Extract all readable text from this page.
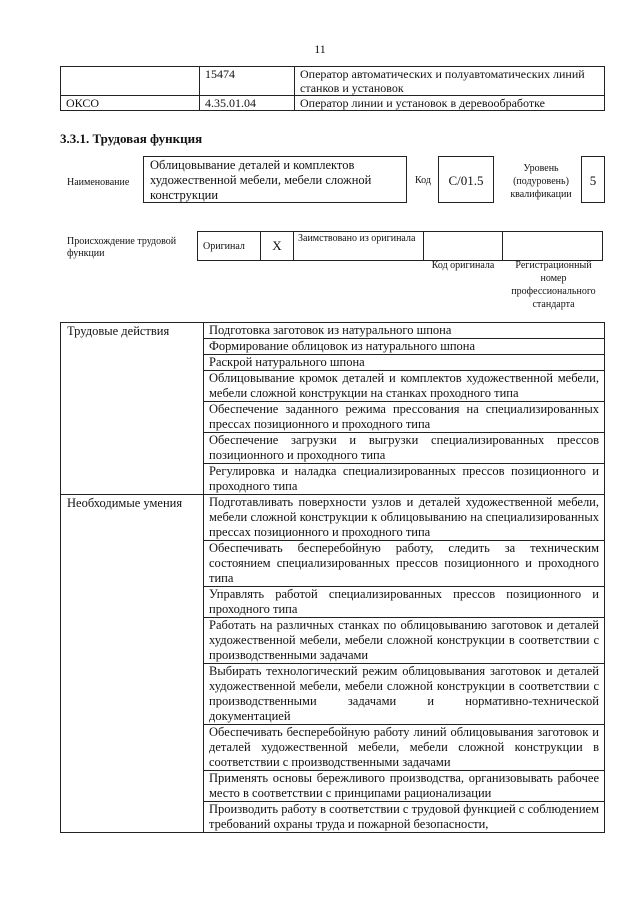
11
	15474	Оператор автоматических и полуавтоматических линий станков и установок
ОКСО	4.35.01.04	Оператор линии и установок в деревообработке
3.3.1. Трудовая функция
Наименование
Облицовывание деталей и комплектов художественной мебели, мебели сложной конструкции
Код	С/01.5
Уровень (подуровень) квалификации
5
Происхождение трудовой функции
Оригинал	X	Заимствовано из оригинала		
Код оригинала	Регистрационный номер профессионального стандарта
Трудовые действия	Подготовка заготовок из натурального шпона

	Формирование облицовок из натурального шпона

	Раскрой натурального шпона

	Облицовывание кромок деталей и комплектов художественной мебели, мебели сложной конструкции на станках проходного типа

	Обеспечение заданного режима прессования на специализированных прессах позиционного и проходного типа

	Обеспечение загрузки и выгрузки специализированных прессов позиционного и проходного типа

	Регулировка и наладка специализированных прессов позиционного и проходного типа

Необходимые умения	Подготавливать поверхности узлов и деталей художественной мебели, мебели сложной конструкции к облицовыванию на специализированных прессах позиционного и проходного типа

	Обеспечивать бесперебойную работу, следить за техническим состоянием специализированных прессов позиционного и проходного типа

	Управлять работой специализированных прессов позиционного и проходного типа

	Работать на различных станках по облицовыванию заготовок и деталей художественной мебели, мебели сложной конструкции в соответствии с производственными задачами

	Выбирать технологический режим облицовывания заготовок и деталей художественной мебели, мебели сложной конструкции в соответствии с производственными задачами и нормативно-технической документацией

	Обеспечивать бесперебойную работу линий облицовывания заготовок и деталей художественной мебели, мебели сложной конструкции в соответствии с производственными задачами

	Применять основы бережливого производства, организовывать рабочее место в соответствии с принципами рационализации

	Производить работу в соответствии с трудовой функцией с соблюдением требований охраны труда и пожарной безопасности,
